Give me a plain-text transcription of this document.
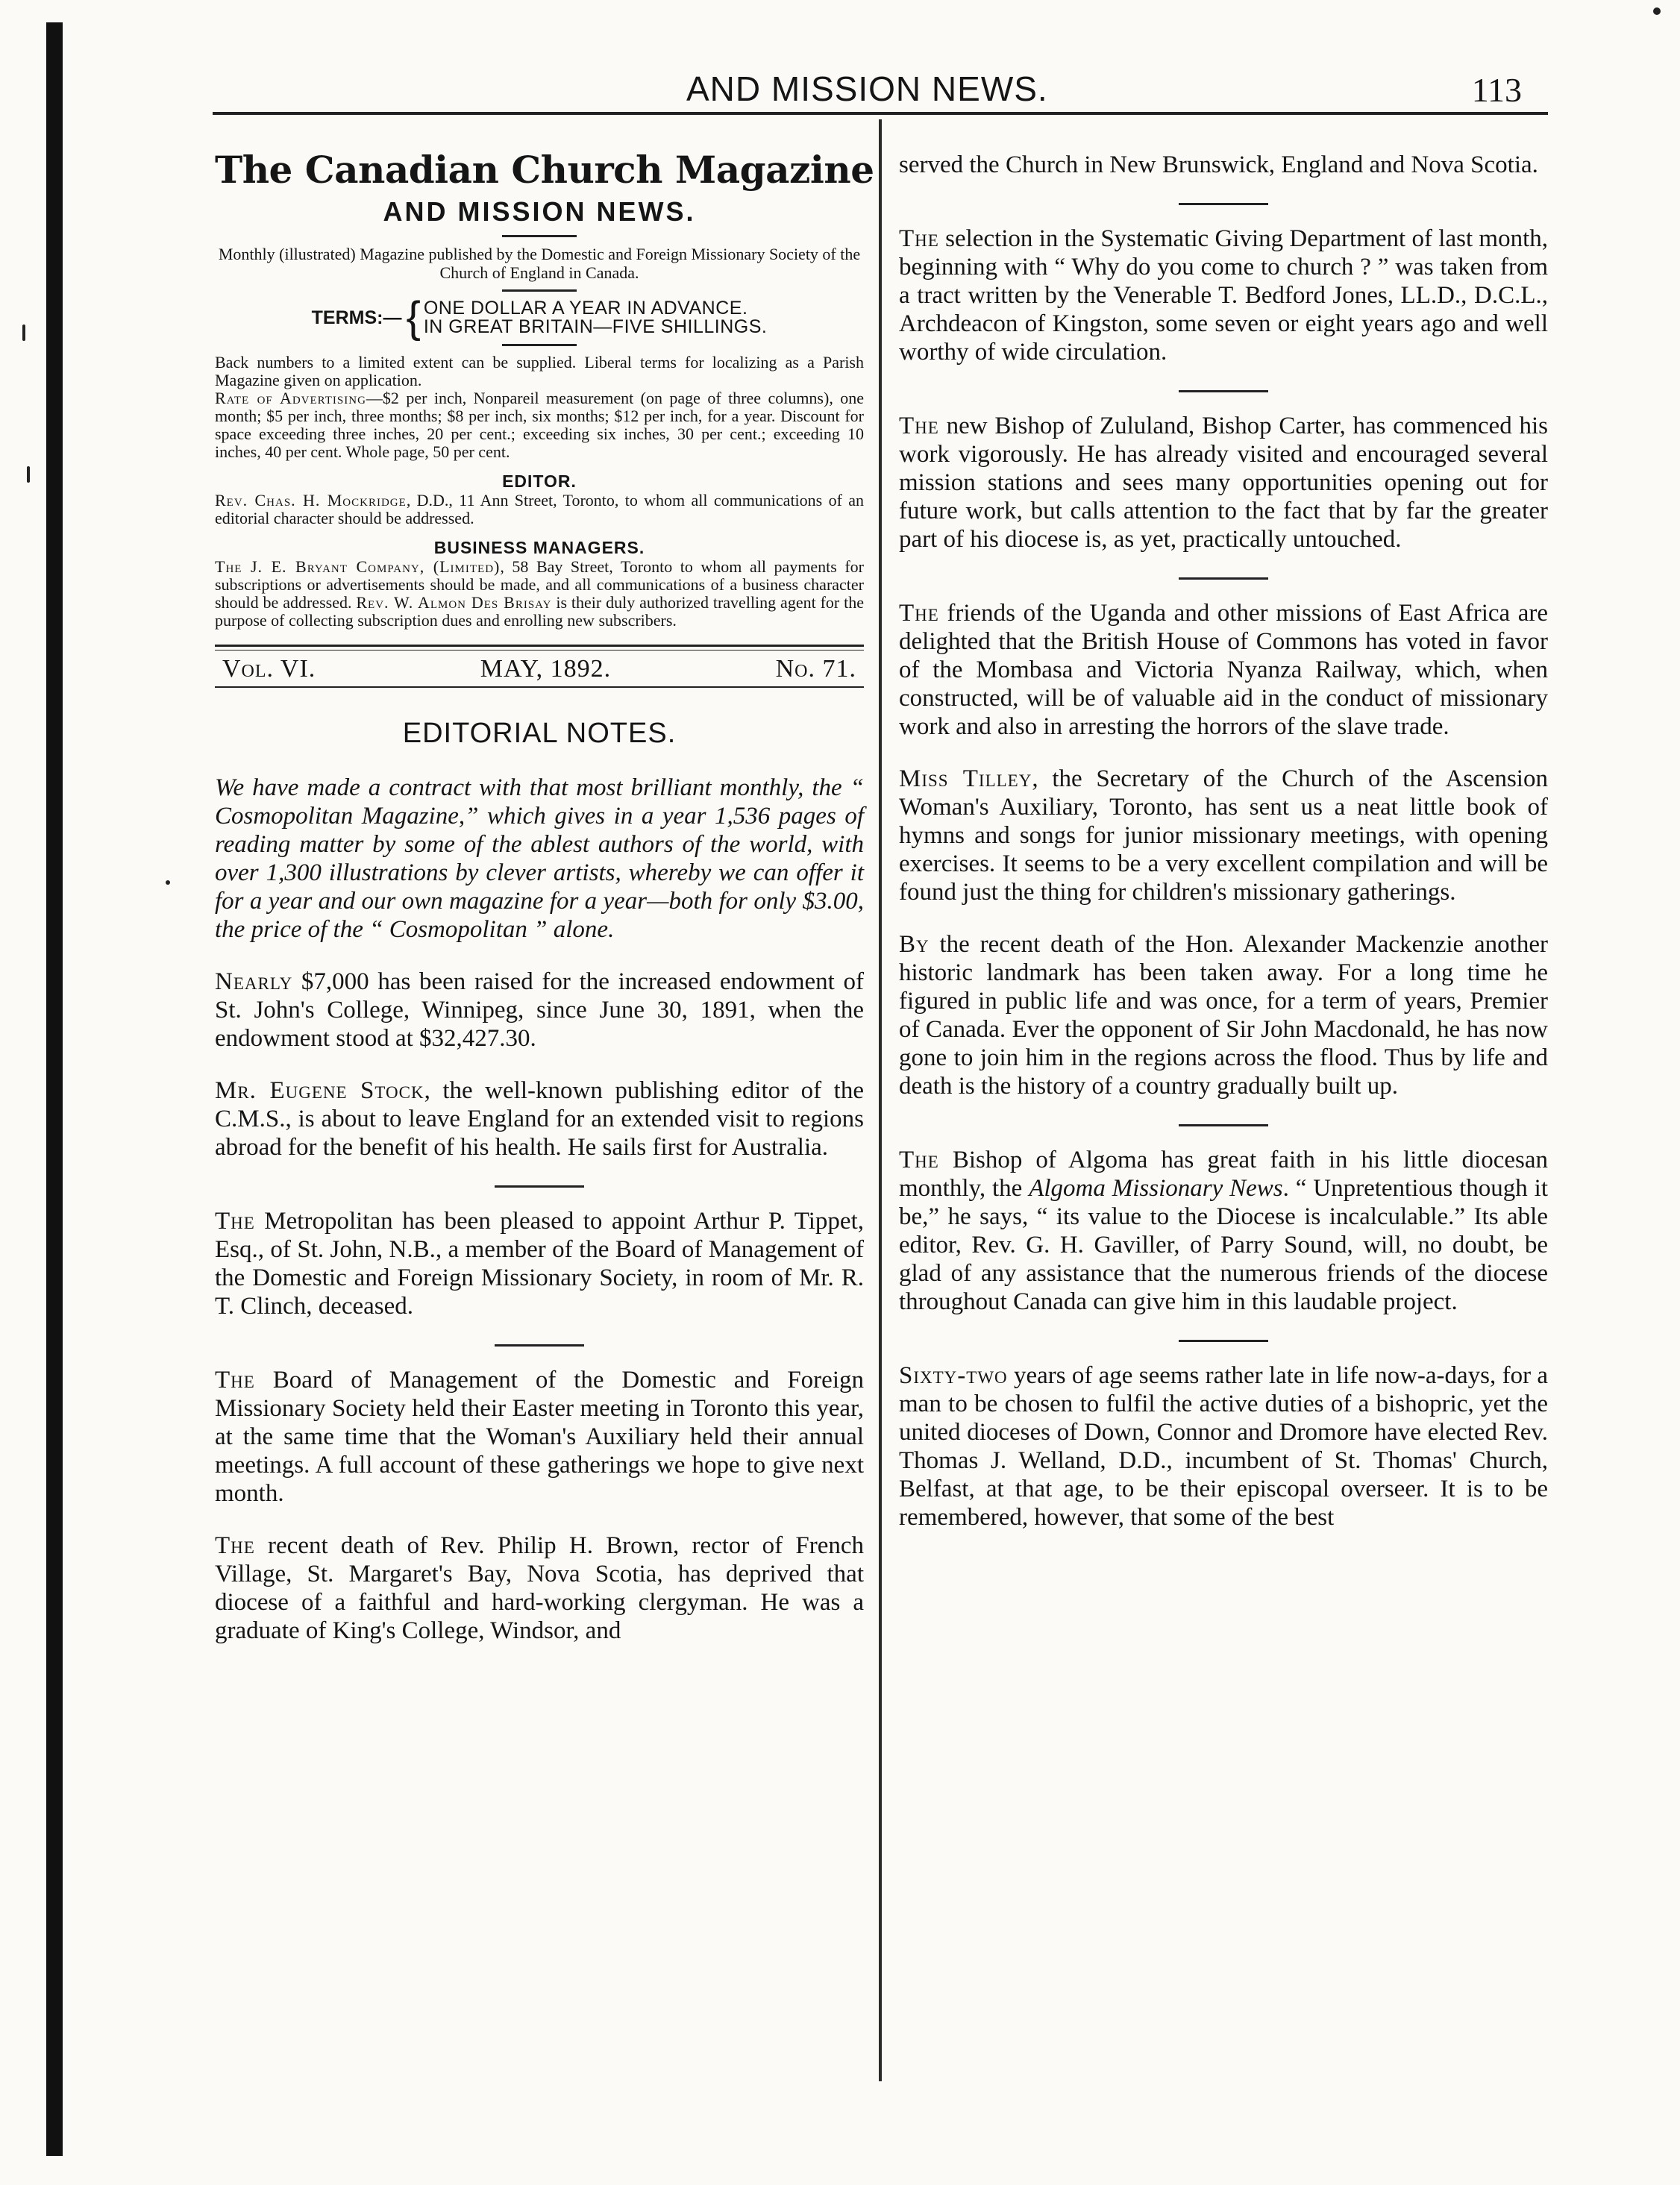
AND MISSION NEWS.	113
The Canadian Church Magazine
AND MISSION NEWS.
Monthly (illustrated) Magazine published by the Domestic and Foreign Missionary Society of the Church of England in Canada.
TERMS:— { ONE DOLLAR A YEAR IN ADVANCE.
IN GREAT BRITAIN—FIVE SHILLINGS.
Back numbers to a limited extent can be supplied. Liberal terms for localizing as a Parish Magazine given on application.
Rate of Advertising—$2 per inch, Nonpareil measurement (on page of three columns), one month; $5 per inch, three months; $8 per inch, six months; $12 per inch, for a year. Discount for space exceeding three inches, 20 per cent.; exceeding six inches, 30 per cent.; exceeding 10 inches, 40 per cent. Whole page, 50 per cent.
EDITOR.
Rev. Chas. H. Mockridge, D.D., 11 Ann Street, Toronto, to whom all communications of an editorial character should be addressed.
BUSINESS MANAGERS.
The J. E. Bryant Company, (Limited), 58 Bay Street, Toronto to whom all payments for subscriptions or advertisements should be made, and all communications of a business character should be addressed. Rev. W. Almon Des Brisay is their duly authorized travelling agent for the purpose of collecting subscription dues and enrolling new subscribers.
Vol. VI.	MAY, 1892.	No. 71.
EDITORIAL NOTES.

We have made a contract with that most brilliant monthly, the “ Cosmopolitan Magazine,” which gives in a year 1,536 pages of reading matter by some of the ablest authors of the world, with over 1,300 illustrations by clever artists, whereby we can offer it for a year and our own magazine for a year—both for only $3.00, the price of the “ Cosmopolitan ” alone.

Nearly $7,000 has been raised for the increased endowment of St. John's College, Winnipeg, since June 30, 1891, when the endowment stood at $32,427.30.

Mr. Eugene Stock, the well-known publishing editor of the C.M.S., is about to leave England for an extended visit to regions abroad for the benefit of his health. He sails first for Australia.

The Metropolitan has been pleased to appoint Arthur P. Tippet, Esq., of St. John, N.B., a member of the Board of Management of the Domestic and Foreign Missionary Society, in room of Mr. R. T. Clinch, deceased.

The Board of Management of the Domestic and Foreign Missionary Society held their Easter meeting in Toronto this year, at the same time that the Woman's Auxiliary held their annual meetings. A full account of these gatherings we hope to give next month.

The recent death of Rev. Philip H. Brown, rector of French Village, St. Margaret's Bay, Nova Scotia, has deprived that diocese of a faithful and hard-working clergyman. He was a graduate of King's College, Windsor, and

served the Church in New Brunswick, England and Nova Scotia.

The selection in the Systematic Giving Department of last month, beginning with “ Why do you come to church ? ” was taken from a tract written by the Venerable T. Bedford Jones, LL.D., D.C.L., Archdeacon of Kingston, some seven or eight years ago and well worthy of wide circulation.

The new Bishop of Zululand, Bishop Carter, has commenced his work vigorously. He has already visited and encouraged several mission stations and sees many opportunities opening out for future work, but calls attention to the fact that by far the greater part of his diocese is, as yet, practically untouched.

The friends of the Uganda and other missions of East Africa are delighted that the British House of Commons has voted in favor of the Mombasa and Victoria Nyanza Railway, which, when constructed, will be of valuable aid in the conduct of missionary work and also in arresting the horrors of the slave trade.

Miss Tilley, the Secretary of the Church of the Ascension Woman's Auxiliary, Toronto, has sent us a neat little book of hymns and songs for junior missionary meetings, with opening exercises. It seems to be a very excellent compilation and will be found just the thing for children's missionary gatherings.

By the recent death of the Hon. Alexander Mackenzie another historic landmark has been taken away. For a long time he figured in public life and was once, for a term of years, Premier of Canada. Ever the opponent of Sir John Macdonald, he has now gone to join him in the regions across the flood. Thus by life and death is the history of a country gradually built up.

The Bishop of Algoma has great faith in his little diocesan monthly, the Algoma Missionary News. “ Unpretentious though it be,” he says, “ its value to the Diocese is incalculable.” Its able editor, Rev. G. H. Gaviller, of Parry Sound, will, no doubt, be glad of any assistance that the numerous friends of the diocese throughout Canada can give him in this laudable project.

Sixty-two years of age seems rather late in life now-a-days, for a man to be chosen to fulfil the active duties of a bishopric, yet the united dioceses of Down, Connor and Dromore have elected Rev. Thomas J. Welland, D.D., incumbent of St. Thomas' Church, Belfast, at that age, to be their episcopal overseer. It is to be remembered, however, that some of the best
